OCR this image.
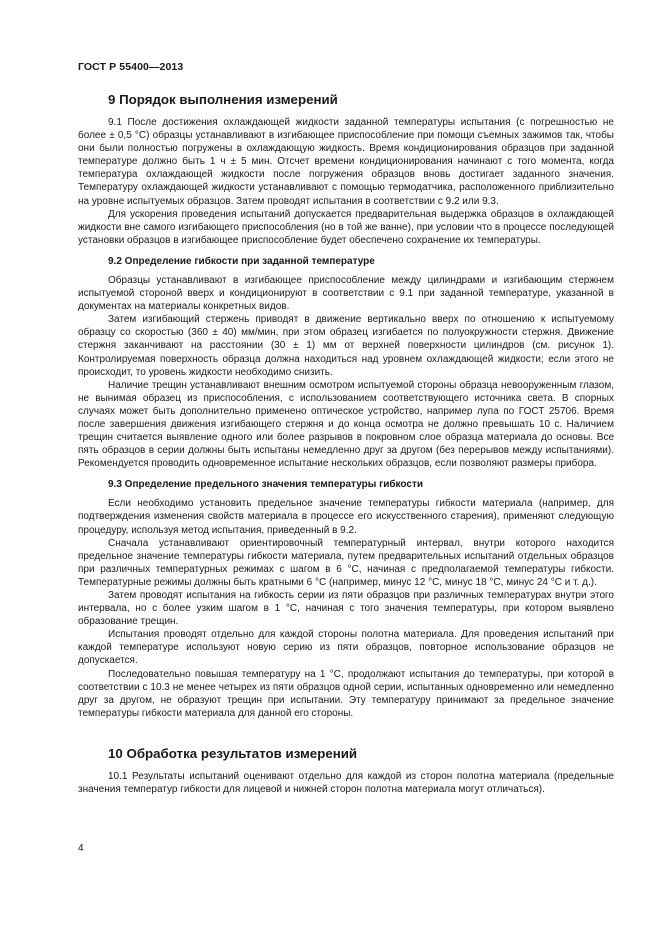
ГОСТ Р 55400—2013
9 Порядок выполнения измерений

9.1 После достижения охлаждающей жидкости заданной температуры испытания (с погрешностью не более ± 0,5 °С) образцы устанавливают в изгибающее приспособление при помощи съемных зажимов так, чтобы они были полностью погружены в охлаждающую жидкость. Время кондиционирования образцов при заданной температуре должно быть 1 ч ± 5 мин. Отсчет времени кондиционирования начинают с того момента, когда температура охлаждающей жидкости после погружения образцов вновь достигает заданного значения. Температуру охлаждающей жидкости устанавливают с помощью термодатчика, расположенного приблизительно на уровне испытуемых образцов. Затем проводят испытания в соответствии с 9.2 или 9.3.

Для ускорения проведения испытаний допускается предварительная выдержка образцов в охлаждающей жидкости вне самого изгибающего приспособления (но в той же ванне), при условии что в процессе последующей установки образцов в изгибающее приспособление будет обеспечено сохранение их температуры.

9.2 Определение гибкости при заданной температуре

Образцы устанавливают в изгибающее приспособление между цилиндрами и изгибающим стержнем испытуемой стороной вверх и кондиционируют в соответствии с 9.1 при заданной температуре, указанной в документах на материалы конкретных видов.

Затем изгибающий стержень приводят в движение вертикально вверх по отношению к испытуемому образцу со скоростью (360 ± 40) мм/мин, при этом образец изгибается по полуокружности стержня. Движение стержня заканчивают на расстоянии (30 ± 1) мм от верхней поверхности цилиндров (см. рисунок 1). Контролируемая поверхность образца должна находиться над уровнем охлаждающей жидкости; если этого не происходит, то уровень жидкости необходимо снизить.

Наличие трещин устанавливают внешним осмотром испытуемой стороны образца невооруженным глазом, не вынимая образец из приспособления, с использованием соответствующего источника света. В спорных случаях может быть дополнительно применено оптическое устройство, например лупа по ГОСТ 25706. Время после завершения движения изгибающего стержня и до конца осмотра не должно превышать 10 с. Наличием трещин считается выявление одного или более разрывов в покровном слое образца материала до основы. Все пять образцов в серии должны быть испытаны немедленно друг за другом (без перерывов между испытаниями). Рекомендуется проводить одновременное испытание нескольких образцов, если позволяют размеры прибора.

9.3 Определение предельного значения температуры гибкости

Если необходимо установить предельное значение температуры гибкости материала (например, для подтверждения изменения свойств материала в процессе его искусственного старения), применяют следующую процедуру, используя метод испытания, приведенный в 9.2.

Сначала устанавливают ориентировочный температурный интервал, внутри которого находится предельное значение температуры гибкости материала, путем предварительных испытаний отдельных образцов при различных температурных режимах с шагом в 6 °С, начиная с предполагаемой температуры гибкости. Температурные режимы должны быть кратными 6 °С (например, минус 12 °С, минус 18 °С, минус 24 °С и т. д.).

Затем проводят испытания на гибкость серии из пяти образцов при различных температурах внутри этого интервала, но с более узким шагом в 1 °С, начиная с того значения температуры, при котором выявлено образование трещин.

Испытания проводят отдельно для каждой стороны полотна материала. Для проведения испытаний при каждой температуре используют новую серию из пяти образцов, повторное использование образцов не допускается.

Последовательно повышая температуру на 1 °С, продолжают испытания до температуры, при которой в соответствии с 10.3 не менее четырех из пяти образцов одной серии, испытанных одновременно или немедленно друг за другом, не образуют трещин при испытании. Эту температуру принимают за предельное значение температуры гибкости материала для данной его стороны.

10 Обработка результатов измерений

10.1 Результаты испытаний оценивают отдельно для каждой из сторон полотна материала (предельные значения температур гибкости для лицевой и нижней сторон полотна материала могут отличаться).

4
